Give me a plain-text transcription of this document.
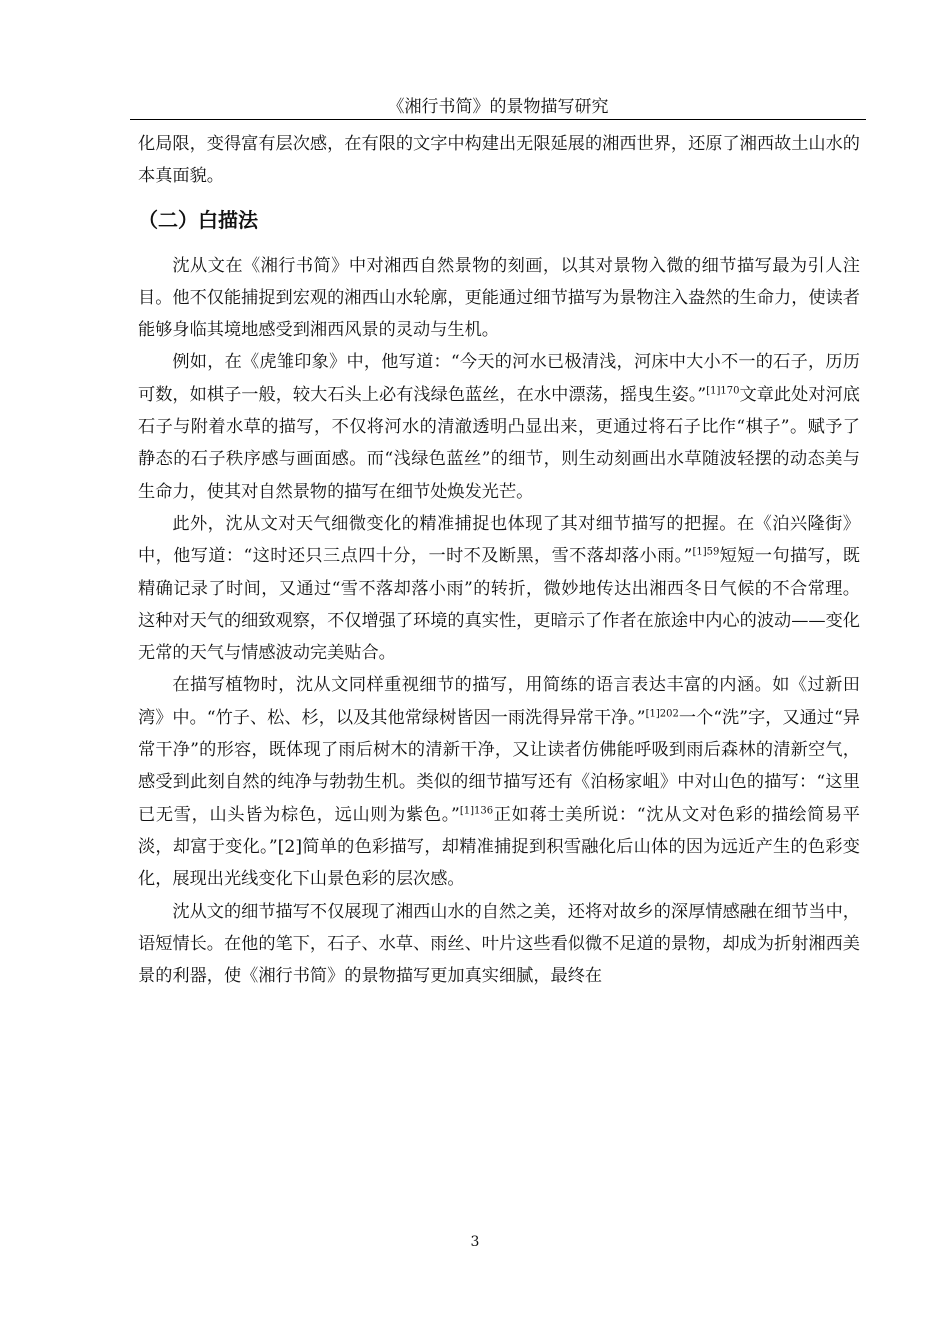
《湘行书简》的景物描写研究

化局限，变得富有层次感，在有限的文字中构建出无限延展的湘西世界，还原了湘西故土山水的本真面貌。

（二）白描法

沈从文在《湘行书简》中对湘西自然景物的刻画，以其对景物入微的细节描写最为引人注目。他不仅能捕捉到宏观的湘西山水轮廓，更能通过细节描写为景物注入盎然的生命力，使读者能够身临其境地感受到湘西风景的灵动与生机。

例如，在《虎雏印象》中，他写道：“今天的河水已极清浅，河床中大小不一的石子，历历可数，如棋子一般，较大石头上必有浅绿色蓝丝，在水中漂荡，摇曳生姿。”$^{[1]170}$文章此处对河底石子与附着水草的描写，不仅将河水的清澈透明凸显出来，更通过将石子比作“棋子”。赋予了静态的石子秩序感与画面感。而“浅绿色蓝丝”的细节，则生动刻画出水草随波轻摆的动态美与生命力，使其对自然景物的描写在细节处焕发光芒。

此外，沈从文对天气细微变化的精准捕捉也体现了其对细节描写的把握。在《泊兴隆街》中，他写道：“这时还只三点四十分，一时不及断黑，雪不落却落小雨。”$^{[1]59}$短短一句描写，既精确记录了时间，又通过“雪不落却落小雨”的转折，微妙地传达出湘西冬日气候的不合常理。这种对天气的细致观察，不仅增强了环境的真实性，更暗示了作者在旅途中内心的波动——变化无常的天气与情感波动完美贴合。

在描写植物时，沈从文同样重视细节的描写，用简练的语言表达丰富的内涵。如《过新田湾》中。“竹子、松、杉，以及其他常绿树皆因一雨洗得异常干净。”$^{[1]202}$一个“洗”字，又通过“异常干净”的形容，既体现了雨后树木的清新干净，又让读者仿佛能呼吸到雨后森林的清新空气，感受到此刻自然的纯净与勃勃生机。类似的细节描写还有《泊杨家岨》中对山色的描写：“这里已无雪，山头皆为棕色，远山则为紫色。”$^{[1]136}$正如蒋士美所说：“沈从文对色彩的描绘简易平淡，却富于变化。”[2]简单的色彩描写，却精准捕捉到积雪融化后山体的因为远近产生的色彩变化，展现出光线变化下山景色彩的层次感。

沈从文的细节描写不仅展现了湘西山水的自然之美，还将对故乡的深厚情感融在细节当中，语短情长。在他的笔下，石子、水草、雨丝、叶片这些看似微不足道的景物，却成为折射湘西美景的利器，使《湘行书简》的景物描写更加真实细腻，最终在

3
